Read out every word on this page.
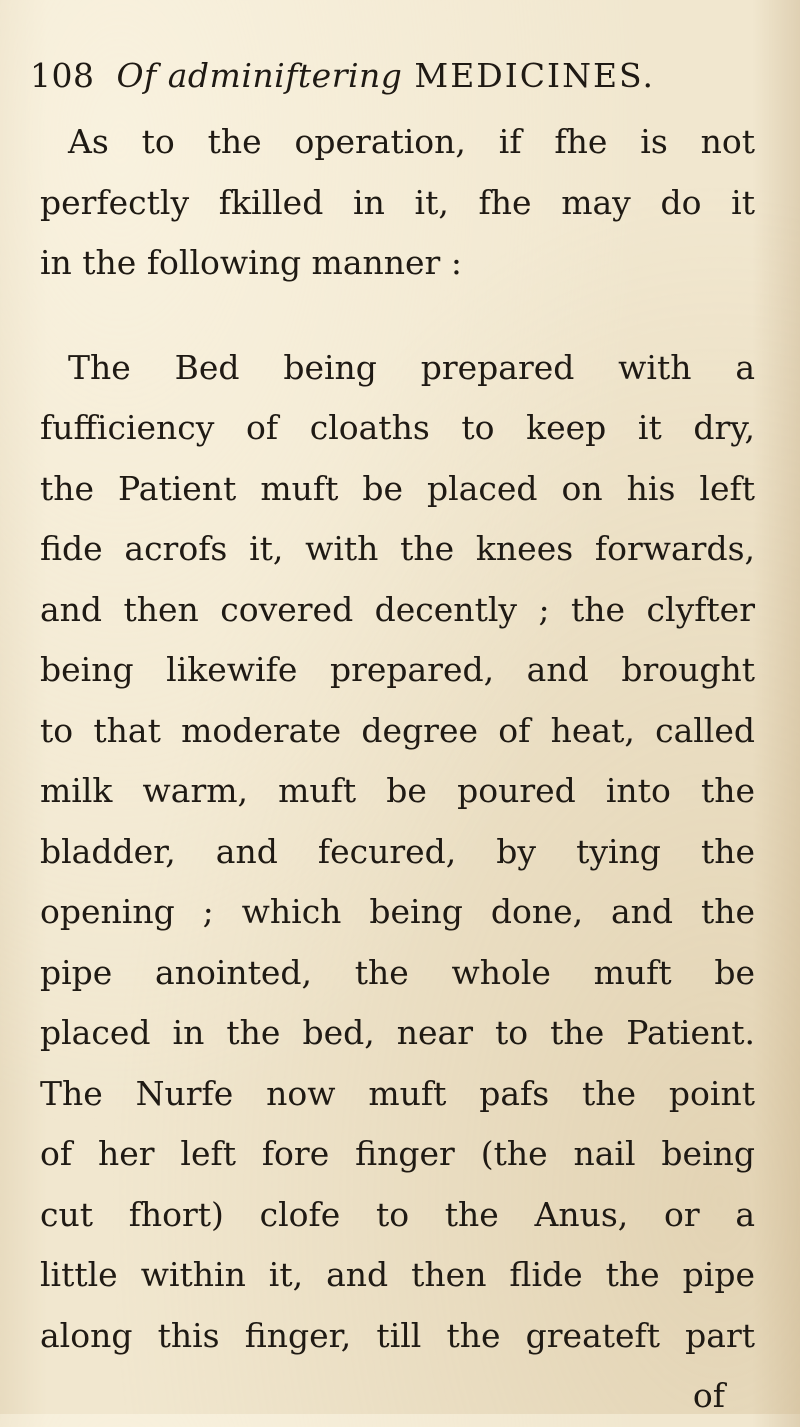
108 Of adminiftering MEDICINES.
As to the operation, if fhe is not
perfectly fkilled in it, fhe may do it
in the following manner :
The Bed being prepared with a
fufficiency of cloaths to keep it dry,
the Patient muft be placed on his left
fide acrofs it, with the knees forwards,
and then covered decently ; the clyfter
being likewife prepared, and brought
to that moderate degree of heat, called
milk warm, muft be poured into the
bladder, and fecured, by tying the
opening ; which being done, and the
pipe anointed, the whole muft be
placed in the bed, near to the Patient.
The Nurfe now muft pafs the point
of her left fore finger (the nail being
cut fhort) clofe to the Anus, or a
little within it, and then flide the pipe
along this finger, till the greateft part
of
